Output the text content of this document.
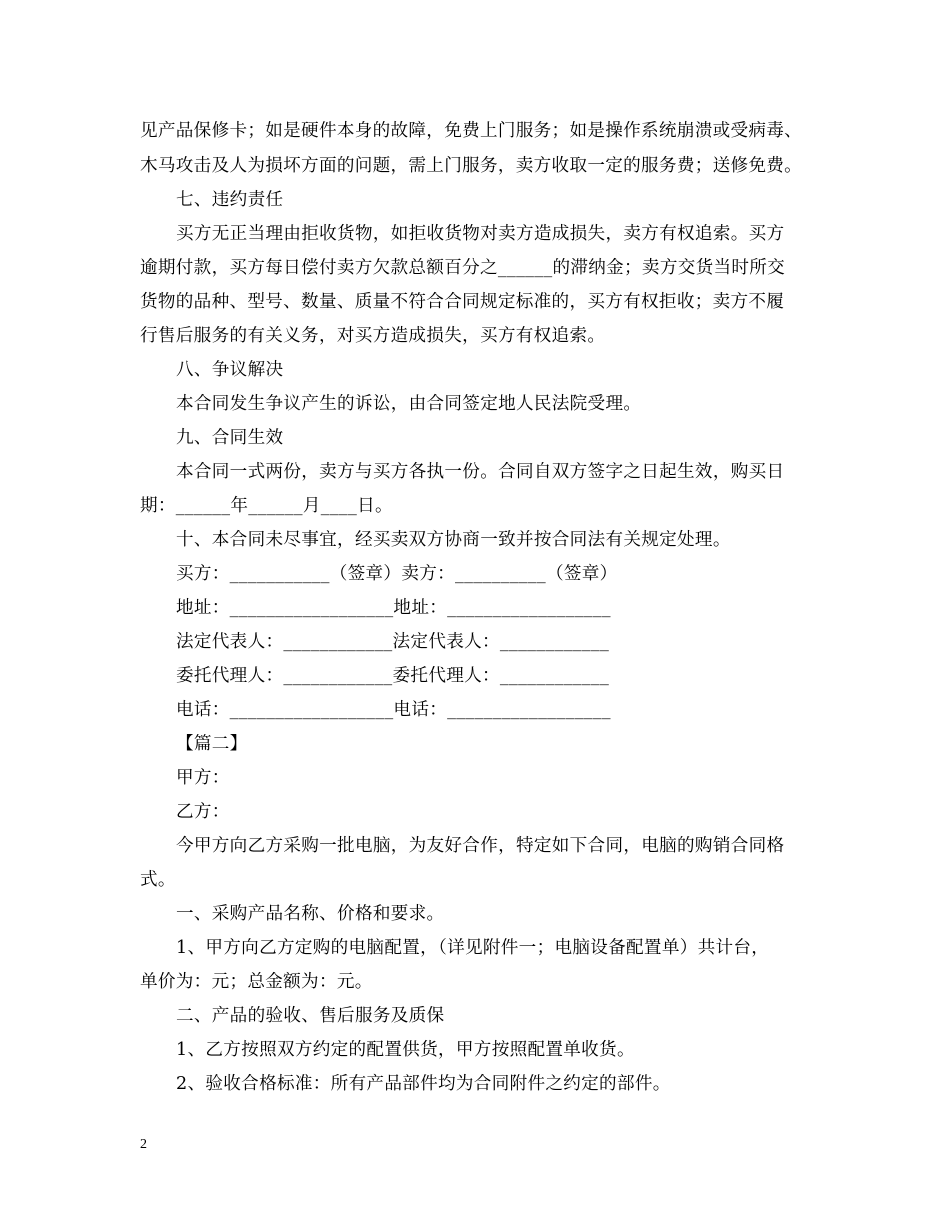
见产品保修卡；如是硬件本身的故障，免费上门服务；如是操作系统崩溃或受病毒、
木马攻击及人为损坏方面的问题，需上门服务，卖方收取一定的服务费；送修免费。
七、违约责任
买方无正当理由拒收货物，如拒收货物对卖方造成损失，卖方有权追索。买方
逾期付款，买方每日偿付卖方欠款总额百分之______的滞纳金；卖方交货当时所交
货物的品种、型号、数量、质量不符合合同规定标准的，买方有权拒收；卖方不履
行售后服务的有关义务，对买方造成损失，买方有权追索。
八、争议解决
本合同发生争议产生的诉讼，由合同签定地人民法院受理。
九、合同生效
本合同一式两份，卖方与买方各执一份。合同自双方签字之日起生效，购买日
期：______年______月____日。
十、本合同未尽事宜，经买卖双方协商一致并按合同法有关规定处理。
买方：___________（签章）卖方：__________（签章）
地址：__________________地址：__________________
法定代表人：____________法定代表人：____________
委托代理人：____________委托代理人：____________
电话：__________________电话：__________________
【篇二】
甲方：
乙方：
今甲方向乙方采购一批电脑，为友好合作，特定如下合同，电脑的购销合同格
式。
一、采购产品名称、价格和要求。
1、甲方向乙方定购的电脑配置，（详见附件一；电脑设备配置单）共计台，
单价为：元；总金额为：元。
二、产品的验收、售后服务及质保
1、乙方按照双方约定的配置供货，甲方按照配置单收货。
2、验收合格标准：所有产品部件均为合同附件之约定的部件。
2
